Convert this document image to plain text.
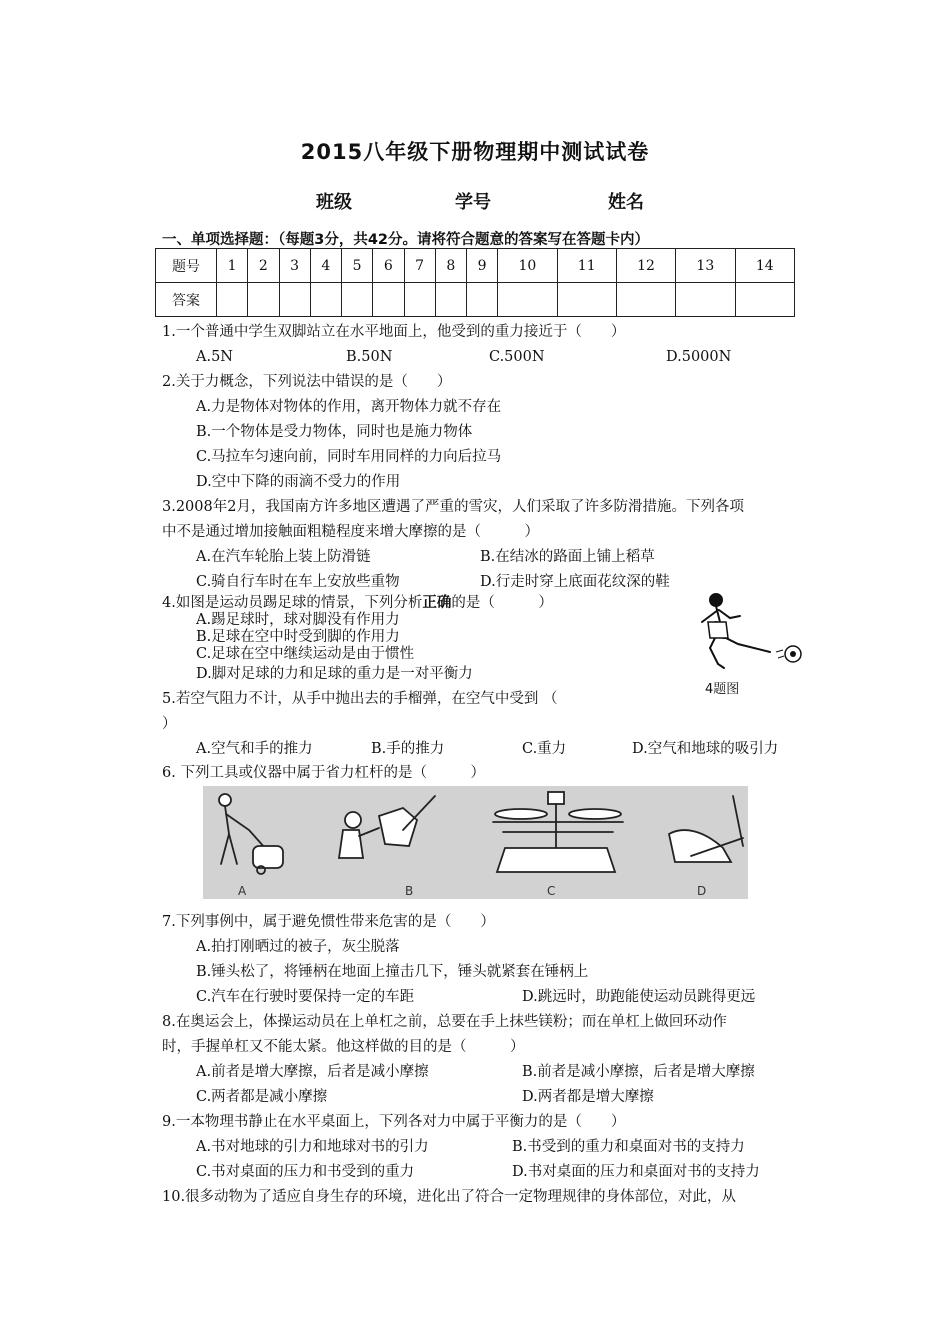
2015八年级下册物理期中测试试卷
班级	学号	姓名
一、单项选择题：（每题3分，共42分。请将符合题意的答案写在答题卡内）
题号	1	2	3	4	5	6	7	8	9	10	11	12	13	14
答案														
1.一个普通中学生双脚站立在水平地面上，他受到的重力接近于（　　）
A.5N	B.50N	C.500N	D.5000N
2.关于力概念，下列说法中错误的是（　　）
A.力是物体对物体的作用，离开物体力就不存在
B.一个物体是受力物体，同时也是施力物体
C.马拉车匀速向前，同时车用同样的力向后拉马
D.空中下降的雨滴不受力的作用
3.2008年2月，我国南方许多地区遭遇了严重的雪灾，人们采取了许多防滑措施。下列各项
中不是通过增加接触面粗糙程度来增大摩擦的是（　　　）
A.在汽车轮胎上装上防滑链	B.在结冰的路面上铺上稻草
C.骑自行车时在车上安放些重物	D.行走时穿上底面花纹深的鞋
4.如图是运动员踢足球的情景，下列分析正确的是（　　　）
A.踢足球时，球对脚没有作用力
B.足球在空中时受到脚的作用力
C.足球在空中继续运动是由于惯性
D.脚对足球的力和足球的重力是一对平衡力
4题图
5.若空气阻力不计，从手中抛出去的手榴弹，在空气中受到 （
）
A.空气和手的推力	B.手的推力	C.重力	D.空气和地球的吸引力
6. 下列工具或仪器中属于省力杠杆的是（　　　）
A	B	C	D
7.下列事例中，属于避免惯性带来危害的是（　　）
A.拍打刚晒过的被子，灰尘脱落
B.锤头松了，将锤柄在地面上撞击几下，锤头就紧套在锤柄上
C.汽车在行驶时要保持一定的车距	D.跳远时，助跑能使运动员跳得更远
8.在奥运会上，体操运动员在上单杠之前，总要在手上抹些镁粉；而在单杠上做回环动作
时，手握单杠又不能太紧。他这样做的目的是（　　　）
A.前者是增大摩擦，后者是减小摩擦	B.前者是减小摩擦，后者是增大摩擦
C.两者都是减小摩擦	D.两者都是增大摩擦
9.一本物理书静止在水平桌面上，下列各对力中属于平衡力的是（　　）
A.书对地球的引力和地球对书的引力	B.书受到的重力和桌面对书的支持力
C.书对桌面的压力和书受到的重力	D.书对桌面的压力和桌面对书的支持力
10.很多动物为了适应自身生存的环境，进化出了符合一定物理规律的身体部位，对此，从
